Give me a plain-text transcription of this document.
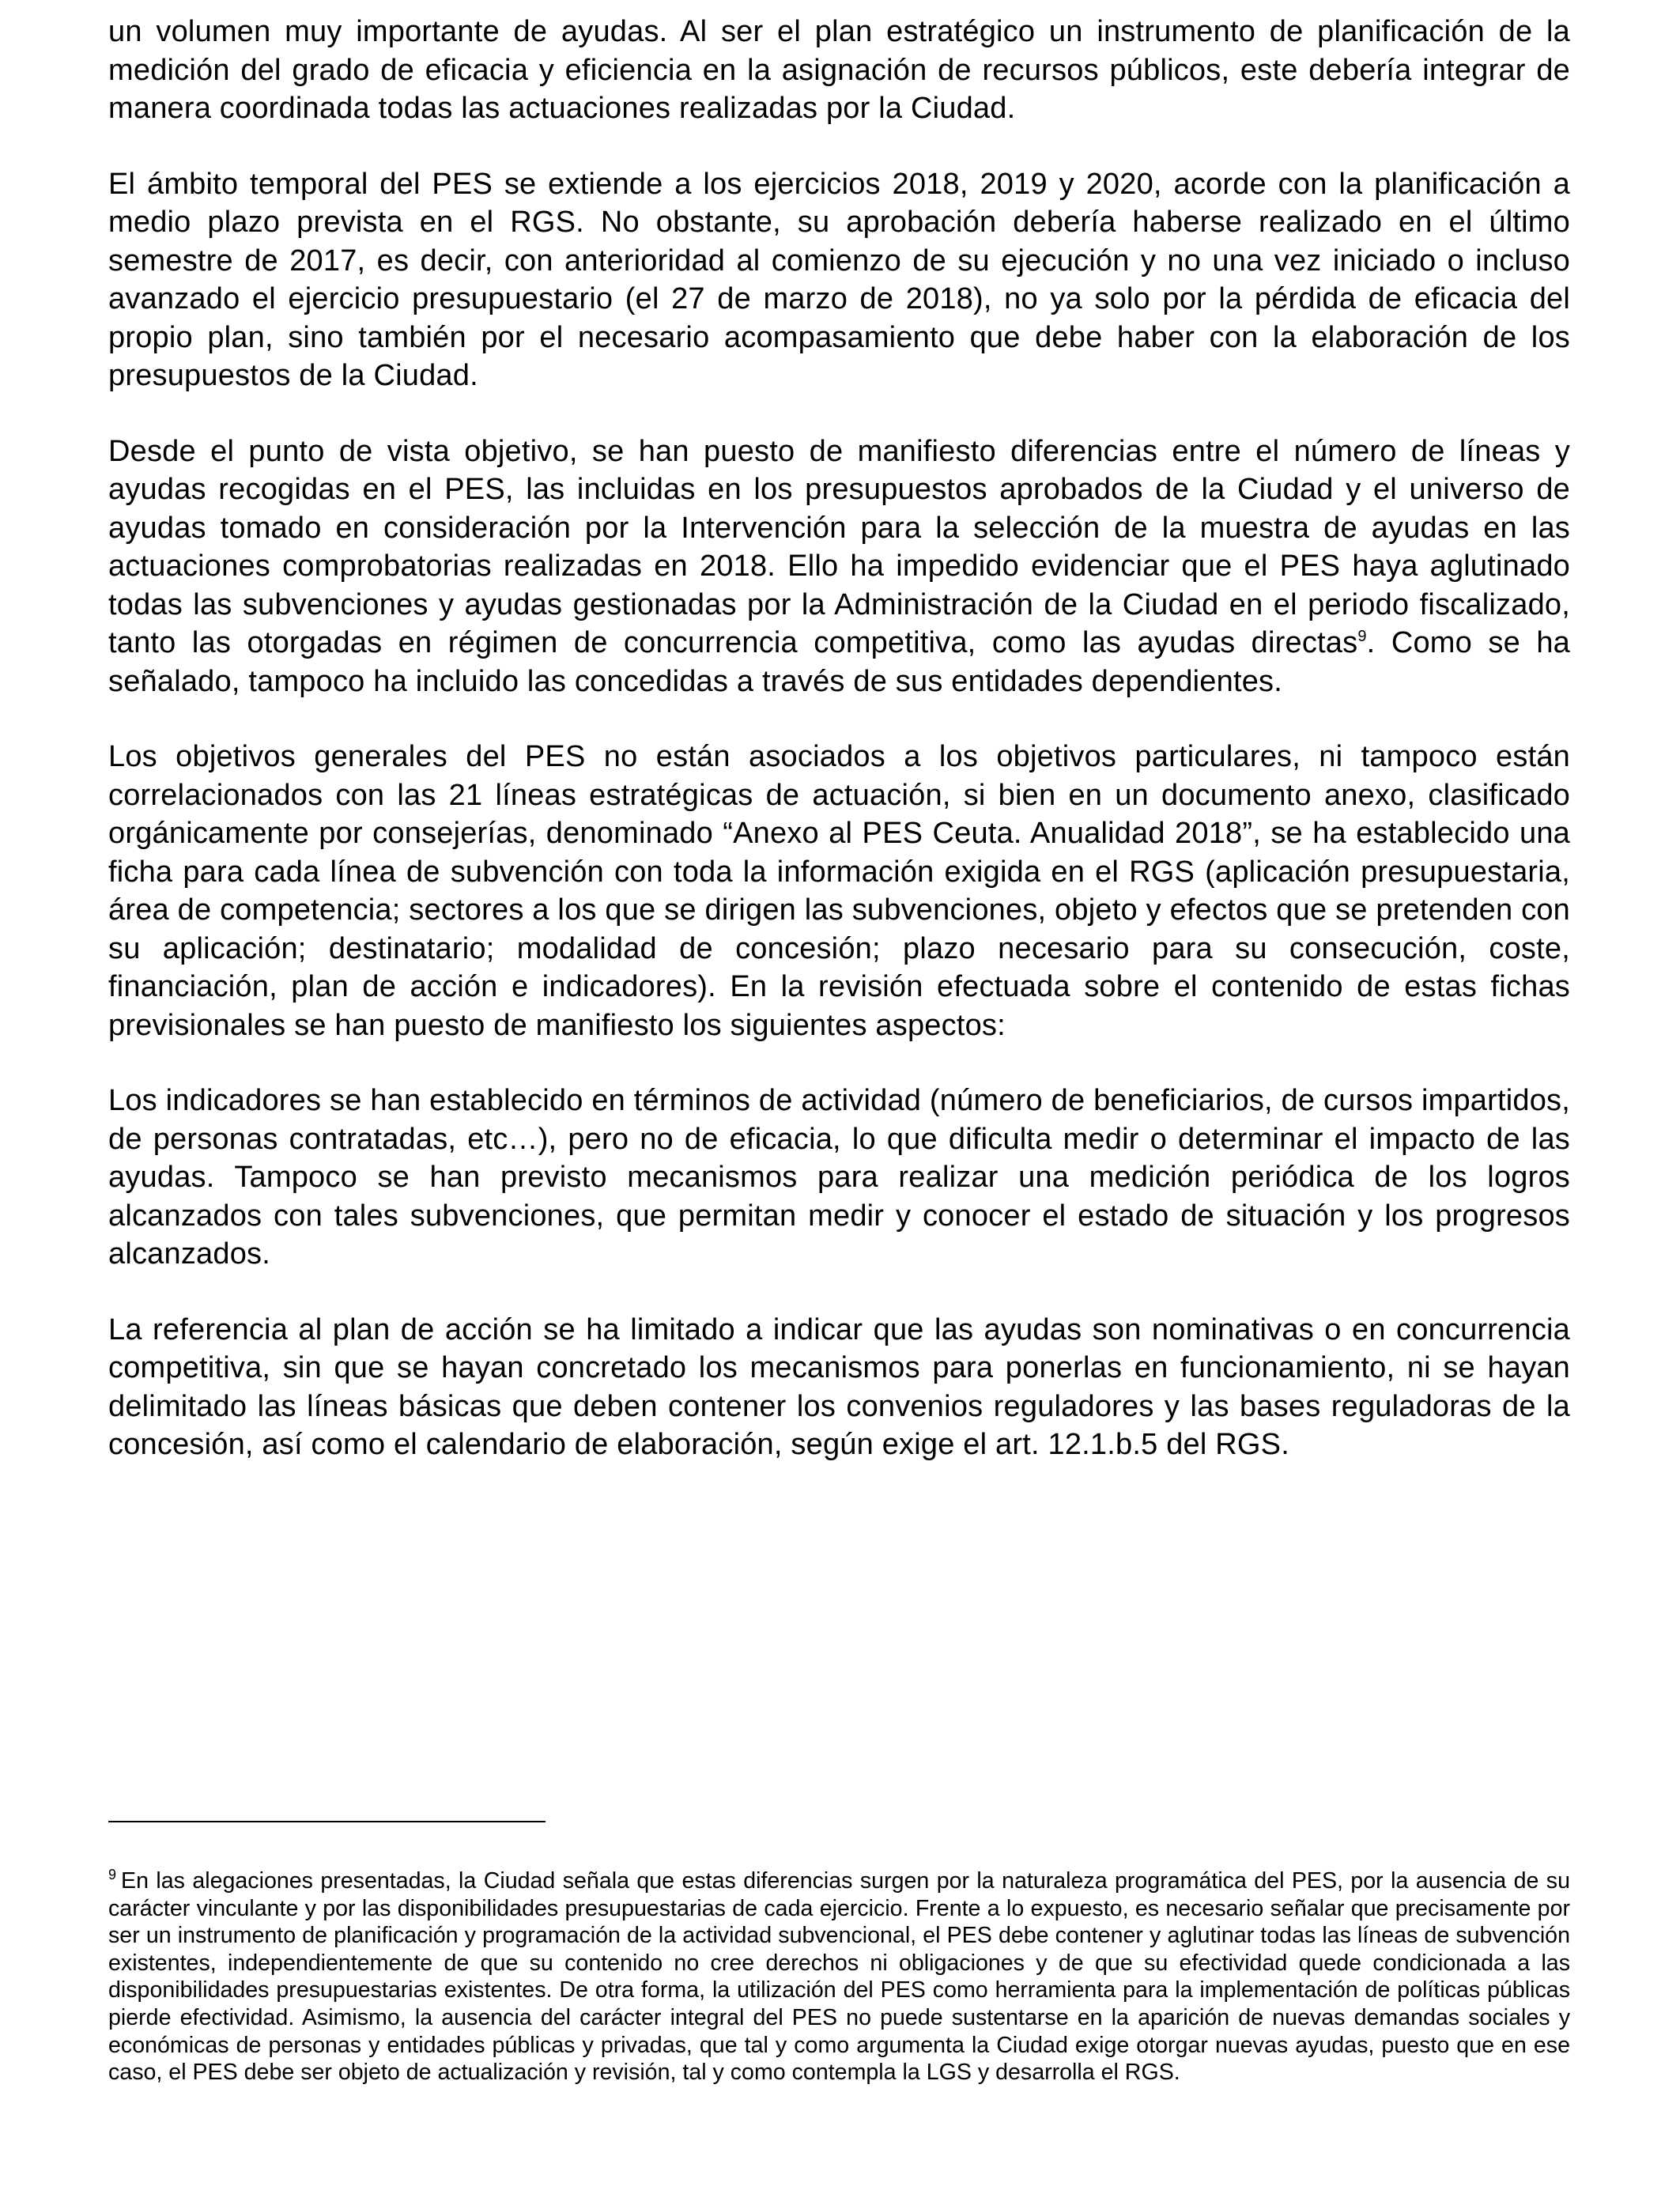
un volumen muy importante de ayudas. Al ser el plan estratégico un instrumento de planificación de la medición del grado de eficacia y eficiencia en la asignación de recursos públicos, este debería integrar de manera coordinada todas las actuaciones realizadas por la Ciudad.

El ámbito temporal del PES se extiende a los ejercicios 2018, 2019 y 2020, acorde con la planificación a medio plazo prevista en el RGS. No obstante, su aprobación debería haberse realizado en el último semestre de 2017, es decir, con anterioridad al comienzo de su ejecución y no una vez iniciado o incluso avanzado el ejercicio presupuestario (el 27 de marzo de 2018), no ya solo por la pérdida de eficacia del propio plan, sino también por el necesario acompasamiento que debe haber con la elaboración de los presupuestos de la Ciudad.

Desde el punto de vista objetivo, se han puesto de manifiesto diferencias entre el número de líneas y ayudas recogidas en el PES, las incluidas en los presupuestos aprobados de la Ciudad y el universo de ayudas tomado en consideración por la Intervención para la selección de la muestra de ayudas en las actuaciones comprobatorias realizadas en 2018. Ello ha impedido evidenciar que el PES haya aglutinado todas las subvenciones y ayudas gestionadas por la Administración de la Ciudad en el periodo fiscalizado, tanto las otorgadas en régimen de concurrencia competitiva, como las ayudas directas$^9$. Como se ha señalado, tampoco ha incluido las concedidas a través de sus entidades dependientes.

Los objetivos generales del PES no están asociados a los objetivos particulares, ni tampoco están correlacionados con las 21 líneas estratégicas de actuación, si bien en un documento anexo, clasificado orgánicamente por consejerías, denominado “Anexo al PES Ceuta. Anualidad 2018”, se ha establecido una ficha para cada línea de subvención con toda la información exigida en el RGS (aplicación presupuestaria, área de competencia; sectores a los que se dirigen las subvenciones, objeto y efectos que se pretenden con su aplicación; destinatario; modalidad de concesión; plazo necesario para su consecución, coste, financiación, plan de acción e indicadores). En la revisión efectuada sobre el contenido de estas fichas previsionales se han puesto de manifiesto los siguientes aspectos:

Los indicadores se han establecido en términos de actividad (número de beneficiarios, de cursos impartidos, de personas contratadas, etc…), pero no de eficacia, lo que dificulta medir o determinar el impacto de las ayudas. Tampoco se han previsto mecanismos para realizar una medición periódica de los logros alcanzados con tales subvenciones, que permitan medir y conocer el estado de situación y los progresos alcanzados.

La referencia al plan de acción se ha limitado a indicar que las ayudas son nominativas o en concurrencia competitiva, sin que se hayan concretado los mecanismos para ponerlas en funcionamiento, ni se hayan delimitado las líneas básicas que deben contener los convenios reguladores y las bases reguladoras de la concesión, así como el calendario de elaboración, según exige el art. 12.1.b.5 del RGS.

$^9$ En las alegaciones presentadas, la Ciudad señala que estas diferencias surgen por la naturaleza programática del PES, por la ausencia de su carácter vinculante y por las disponibilidades presupuestarias de cada ejercicio. Frente a lo expuesto, es necesario señalar que precisamente por ser un instrumento de planificación y programación de la actividad subvencional, el PES debe contener y aglutinar todas las líneas de subvención existentes, independientemente de que su contenido no cree derechos ni obligaciones y de que su efectividad quede condicionada a las disponibilidades presupuestarias existentes. De otra forma, la utilización del PES como herramienta para la implementación de políticas públicas pierde efectividad. Asimismo, la ausencia del carácter integral del PES no puede sustentarse en la aparición de nuevas demandas sociales y económicas de personas y entidades públicas y privadas, que tal y como argumenta la Ciudad exige otorgar nuevas ayudas, puesto que en ese caso, el PES debe ser objeto de actualización y revisión, tal y como contempla la LGS y desarrolla el RGS.
